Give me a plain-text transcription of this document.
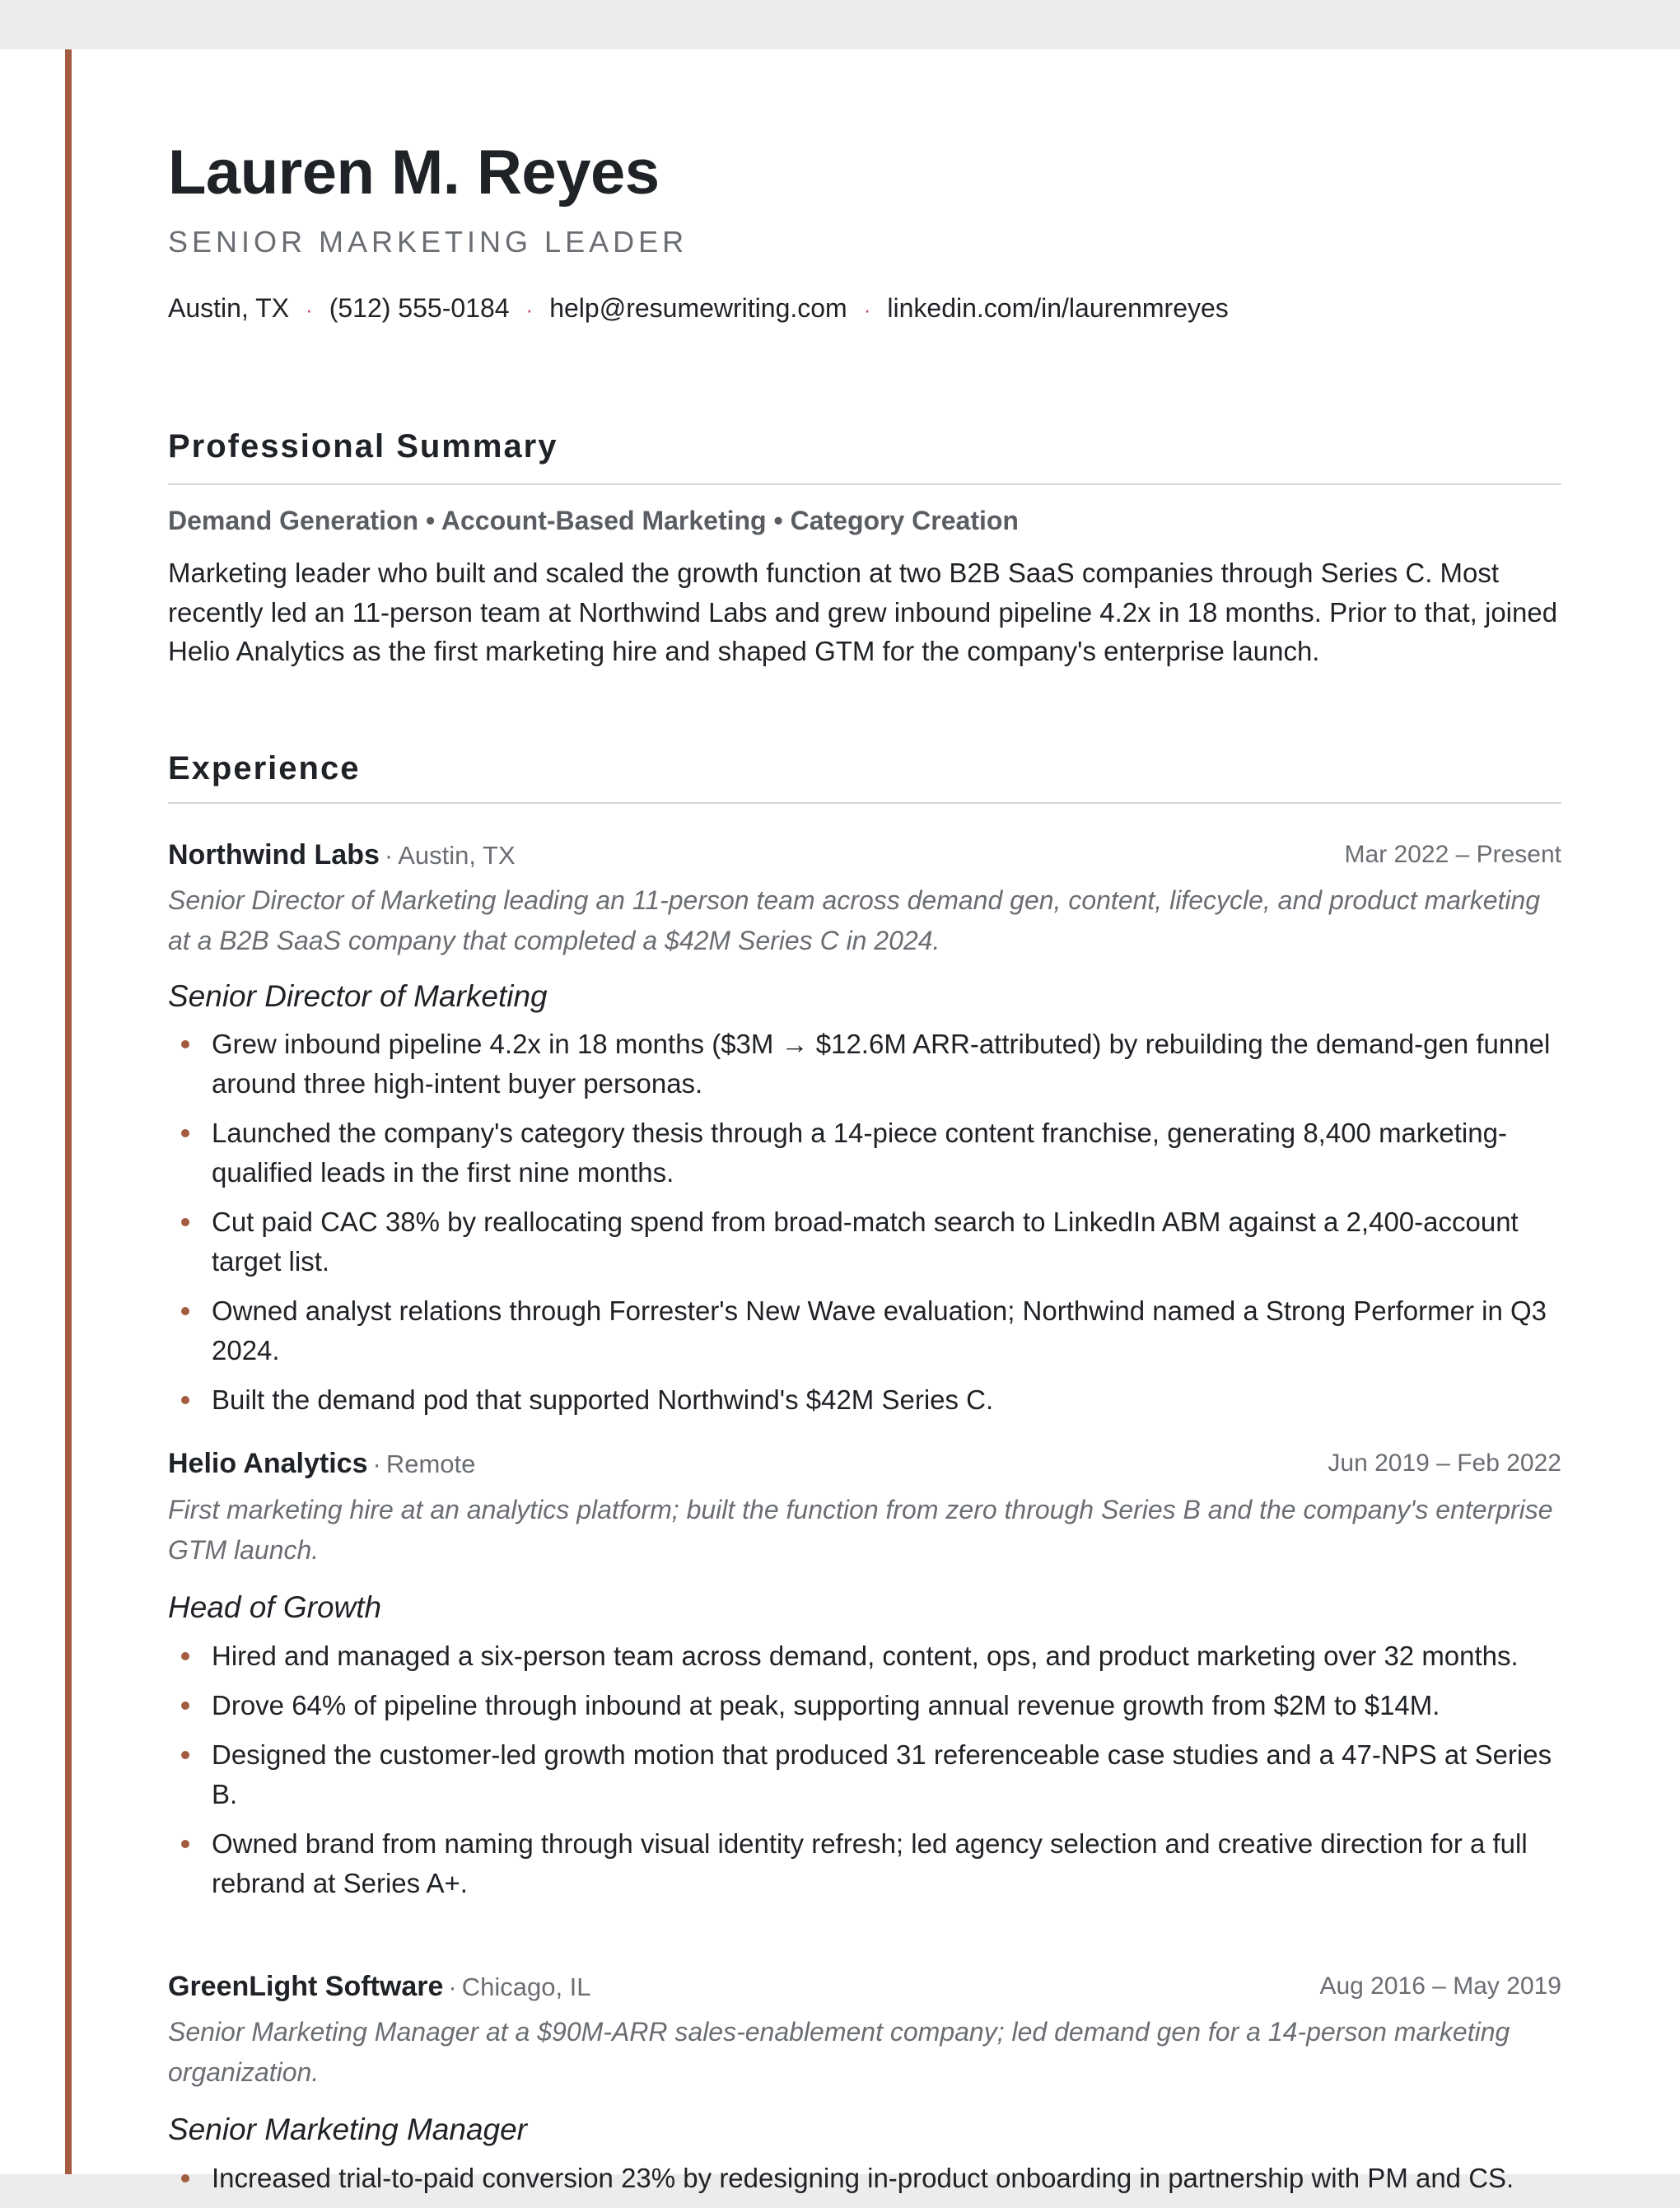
Lauren M. Reyes
SENIOR MARKETING LEADER
Austin, TX · (512) 555-0184 · help@resumewriting.com · linkedin.com/in/laurenmreyes
Professional Summary
Demand Generation • Account-Based Marketing • Category Creation
Marketing leader who built and scaled the growth function at two B2B SaaS companies through Series C. Most recently led an 11-person team at Northwind Labs and grew inbound pipeline 4.2x in 18 months. Prior to that, joined Helio Analytics as the first marketing hire and shaped GTM for the company's enterprise launch.
Experience
Northwind Labs · Austin, TX	Mar 2022 – Present
Senior Director of Marketing leading an 11-person team across demand gen, content, lifecycle, and product marketing at a B2B SaaS company that completed a $42M Series C in 2024.
Senior Director of Marketing
Grew inbound pipeline 4.2x in 18 months ($3M → $12.6M ARR-attributed) by rebuilding the demand-gen funnel around three high-intent buyer personas.
Launched the company's category thesis through a 14-piece content franchise, generating 8,400 marketing-qualified leads in the first nine months.
Cut paid CAC 38% by reallocating spend from broad-match search to LinkedIn ABM against a 2,400-account target list.
Owned analyst relations through Forrester's New Wave evaluation; Northwind named a Strong Performer in Q3 2024.
Built the demand pod that supported Northwind's $42M Series C.
Helio Analytics · Remote	Jun 2019 – Feb 2022
First marketing hire at an analytics platform; built the function from zero through Series B and the company's enterprise GTM launch.
Head of Growth
Hired and managed a six-person team across demand, content, ops, and product marketing over 32 months.
Drove 64% of pipeline through inbound at peak, supporting annual revenue growth from $2M to $14M.
Designed the customer-led growth motion that produced 31 referenceable case studies and a 47-NPS at Series B.
Owned brand from naming through visual identity refresh; led agency selection and creative direction for a full rebrand at Series A+.
GreenLight Software · Chicago, IL	Aug 2016 – May 2019
Senior Marketing Manager at a $90M-ARR sales-enablement company; led demand gen for a 14-person marketing organization.
Senior Marketing Manager
Increased trial-to-paid conversion 23% by redesigning in-product onboarding in partnership with PM and CS.
